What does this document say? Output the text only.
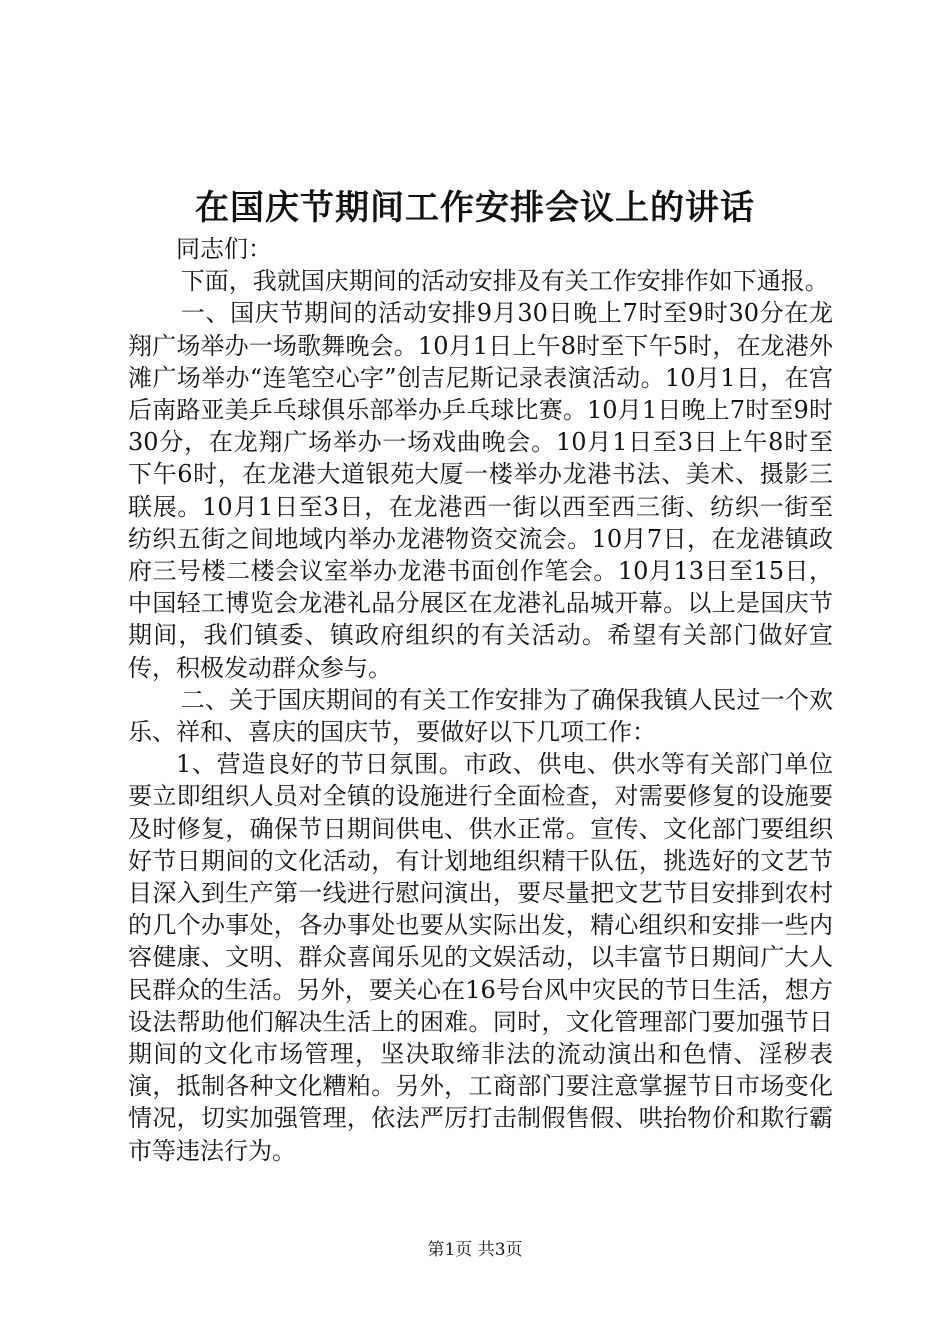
在国庆节期间工作安排会议上的讲话

同志们：

下面，我就国庆期间的活动安排及有关工作安排作如下通报。

一、国庆节期间的活动安排9月30日晚上7时至9时30分在龙翔广场举办一场歌舞晚会。10月1日上午8时至下午5时，在龙港外滩广场举办“连笔空心字”创吉尼斯记录表演活动。10月1日，在宫后南路亚美乒乓球俱乐部举办乒乓球比赛。10月1日晚上7时至9时30分，在龙翔广场举办一场戏曲晚会。10月1日至3日上午8时至下午6时，在龙港大道银苑大厦一楼举办龙港书法、美术、摄影三联展。10月1日至3日，在龙港西一街以西至西三街、纺织一街至纺织五街之间地域内举办龙港物资交流会。10月7日，在龙港镇政府三号楼二楼会议室举办龙港书面创作笔会。10月13日至15日，中国轻工博览会龙港礼品分展区在龙港礼品城开幕。以上是国庆节期间，我们镇委、镇政府组织的有关活动。希望有关部门做好宣传，积极发动群众参与。

二、关于国庆期间的有关工作安排为了确保我镇人民过一个欢乐、祥和、喜庆的国庆节，要做好以下几项工作：

1、营造良好的节日氛围。市政、供电、供水等有关部门单位要立即组织人员对全镇的设施进行全面检查，对需要修复的设施要及时修复，确保节日期间供电、供水正常。宣传、文化部门要组织好节日期间的文化活动，有计划地组织精干队伍，挑选好的文艺节目深入到生产第一线进行慰问演出，要尽量把文艺节目安排到农村的几个办事处，各办事处也要从实际出发，精心组织和安排一些内容健康、文明、群众喜闻乐见的文娱活动，以丰富节日期间广大人民群众的生活。另外，要关心在16号台风中灾民的节日生活，想方设法帮助他们解决生活上的困难。同时，文化管理部门要加强节日期间的文化市场管理，坚决取缔非法的流动演出和色情、淫秽表演，抵制各种文化糟粕。另外，工商部门要注意掌握节日市场变化情况，切实加强管理，依法严厉打击制假售假、哄抬物价和欺行霸市等违法行为。

第1页 共3页
